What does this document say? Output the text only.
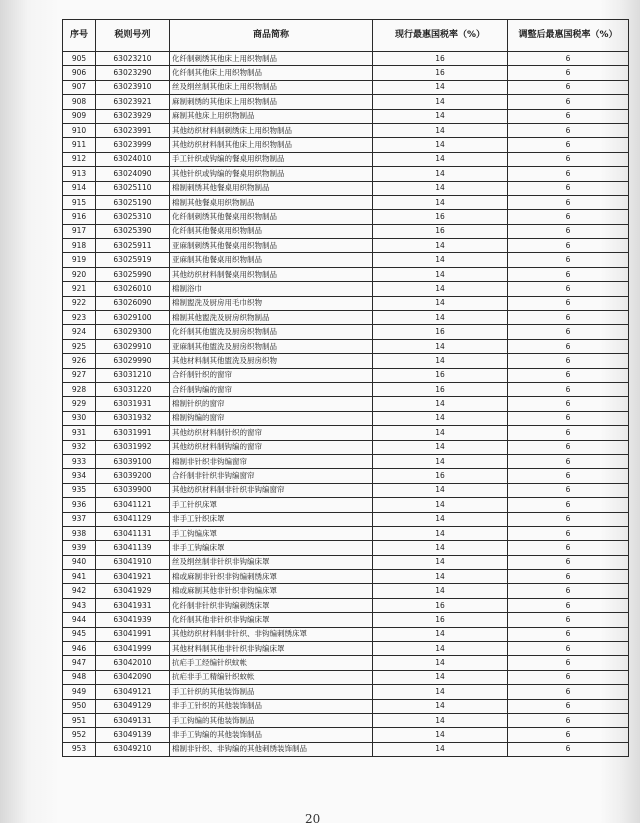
序号	税则号列	商品简称	现行最惠国税率（%）	调整后最惠国税率（%）
905	63023210	化纤制刺绣其他床上用织物制品	16	6
906	63023290	化纤制其他床上用织物制品	16	6
907	63023910	丝及绢丝制其他床上用织物制品	14	6
908	63023921	麻制刺绣的其他床上用织物制品	14	6
909	63023929	麻制其他床上用织物制品	14	6
910	63023991	其他纺织材料制刺绣床上用织物制品	14	6
911	63023999	其他纺织材料制其他床上用织物制品	14	6
912	63024010	手工针织或钩编的餐桌用织物制品	14	6
913	63024090	其他针织或钩编的餐桌用织物制品	14	6
914	63025110	棉制刺绣其他餐桌用织物制品	14	6
915	63025190	棉制其他餐桌用织物制品	14	6
916	63025310	化纤制刺绣其他餐桌用织物制品	16	6
917	63025390	化纤制其他餐桌用织物制品	16	6
918	63025911	亚麻制刺绣其他餐桌用织物制品	14	6
919	63025919	亚麻制其他餐桌用织物制品	14	6
920	63025990	其他纺织材料制餐桌用织物制品	14	6
921	63026010	棉制浴巾	14	6
922	63026090	棉制盥洗及厨房用毛巾织物	14	6
923	63029100	棉制其他盥洗及厨房织物制品	14	6
924	63029300	化纤制其他盥洗及厨房织物制品	16	6
925	63029910	亚麻制其他盥洗及厨房织物制品	14	6
926	63029990	其他材料制其他盥洗及厨房织物	14	6
927	63031210	合纤制针织的窗帘	16	6
928	63031220	合纤制钩编的窗帘	16	6
929	63031931	棉制针织的窗帘	14	6
930	63031932	棉制钩编的窗帘	14	6
931	63031991	其他纺织材料制针织的窗帘	14	6
932	63031992	其他纺织材料制钩编的窗帘	14	6
933	63039100	棉制非针织非钩编窗帘	14	6
934	63039200	合纤制非针织非钩编窗帘	16	6
935	63039900	其他纺织材料制非针织非钩编窗帘	14	6
936	63041121	手工针织床罩	14	6
937	63041129	非手工针织床罩	14	6
938	63041131	手工钩编床罩	14	6
939	63041139	非手工钩编床罩	14	6
940	63041910	丝及绢丝制非针织非钩编床罩	14	6
941	63041921	棉或麻制非针织非钩编刺绣床罩	14	6
942	63041929	棉或麻制其他非针织非钩编床罩	14	6
943	63041931	化纤制非针织非钩编刺绣床罩	16	6
944	63041939	化纤制其他非针织非钩编床罩	16	6
945	63041991	其他纺织材料制非针织、非钩编刺绣床罩	14	6
946	63041999	其他材料制其他非针织非钩编床罩	14	6
947	63042010	抗疟手工经编针织蚊帐	14	6
948	63042090	抗疟非手工精编针织蚊帐	14	6
949	63049121	手工针织的其他装饰制品	14	6
950	63049129	非手工针织的其他装饰制品	14	6
951	63049131	手工钩编的其他装饰制品	14	6
952	63049139	非手工钩编的其他装饰制品	14	6
953	63049210	棉制非针织、非钩编的其他刺绣装饰制品	14	6
20
